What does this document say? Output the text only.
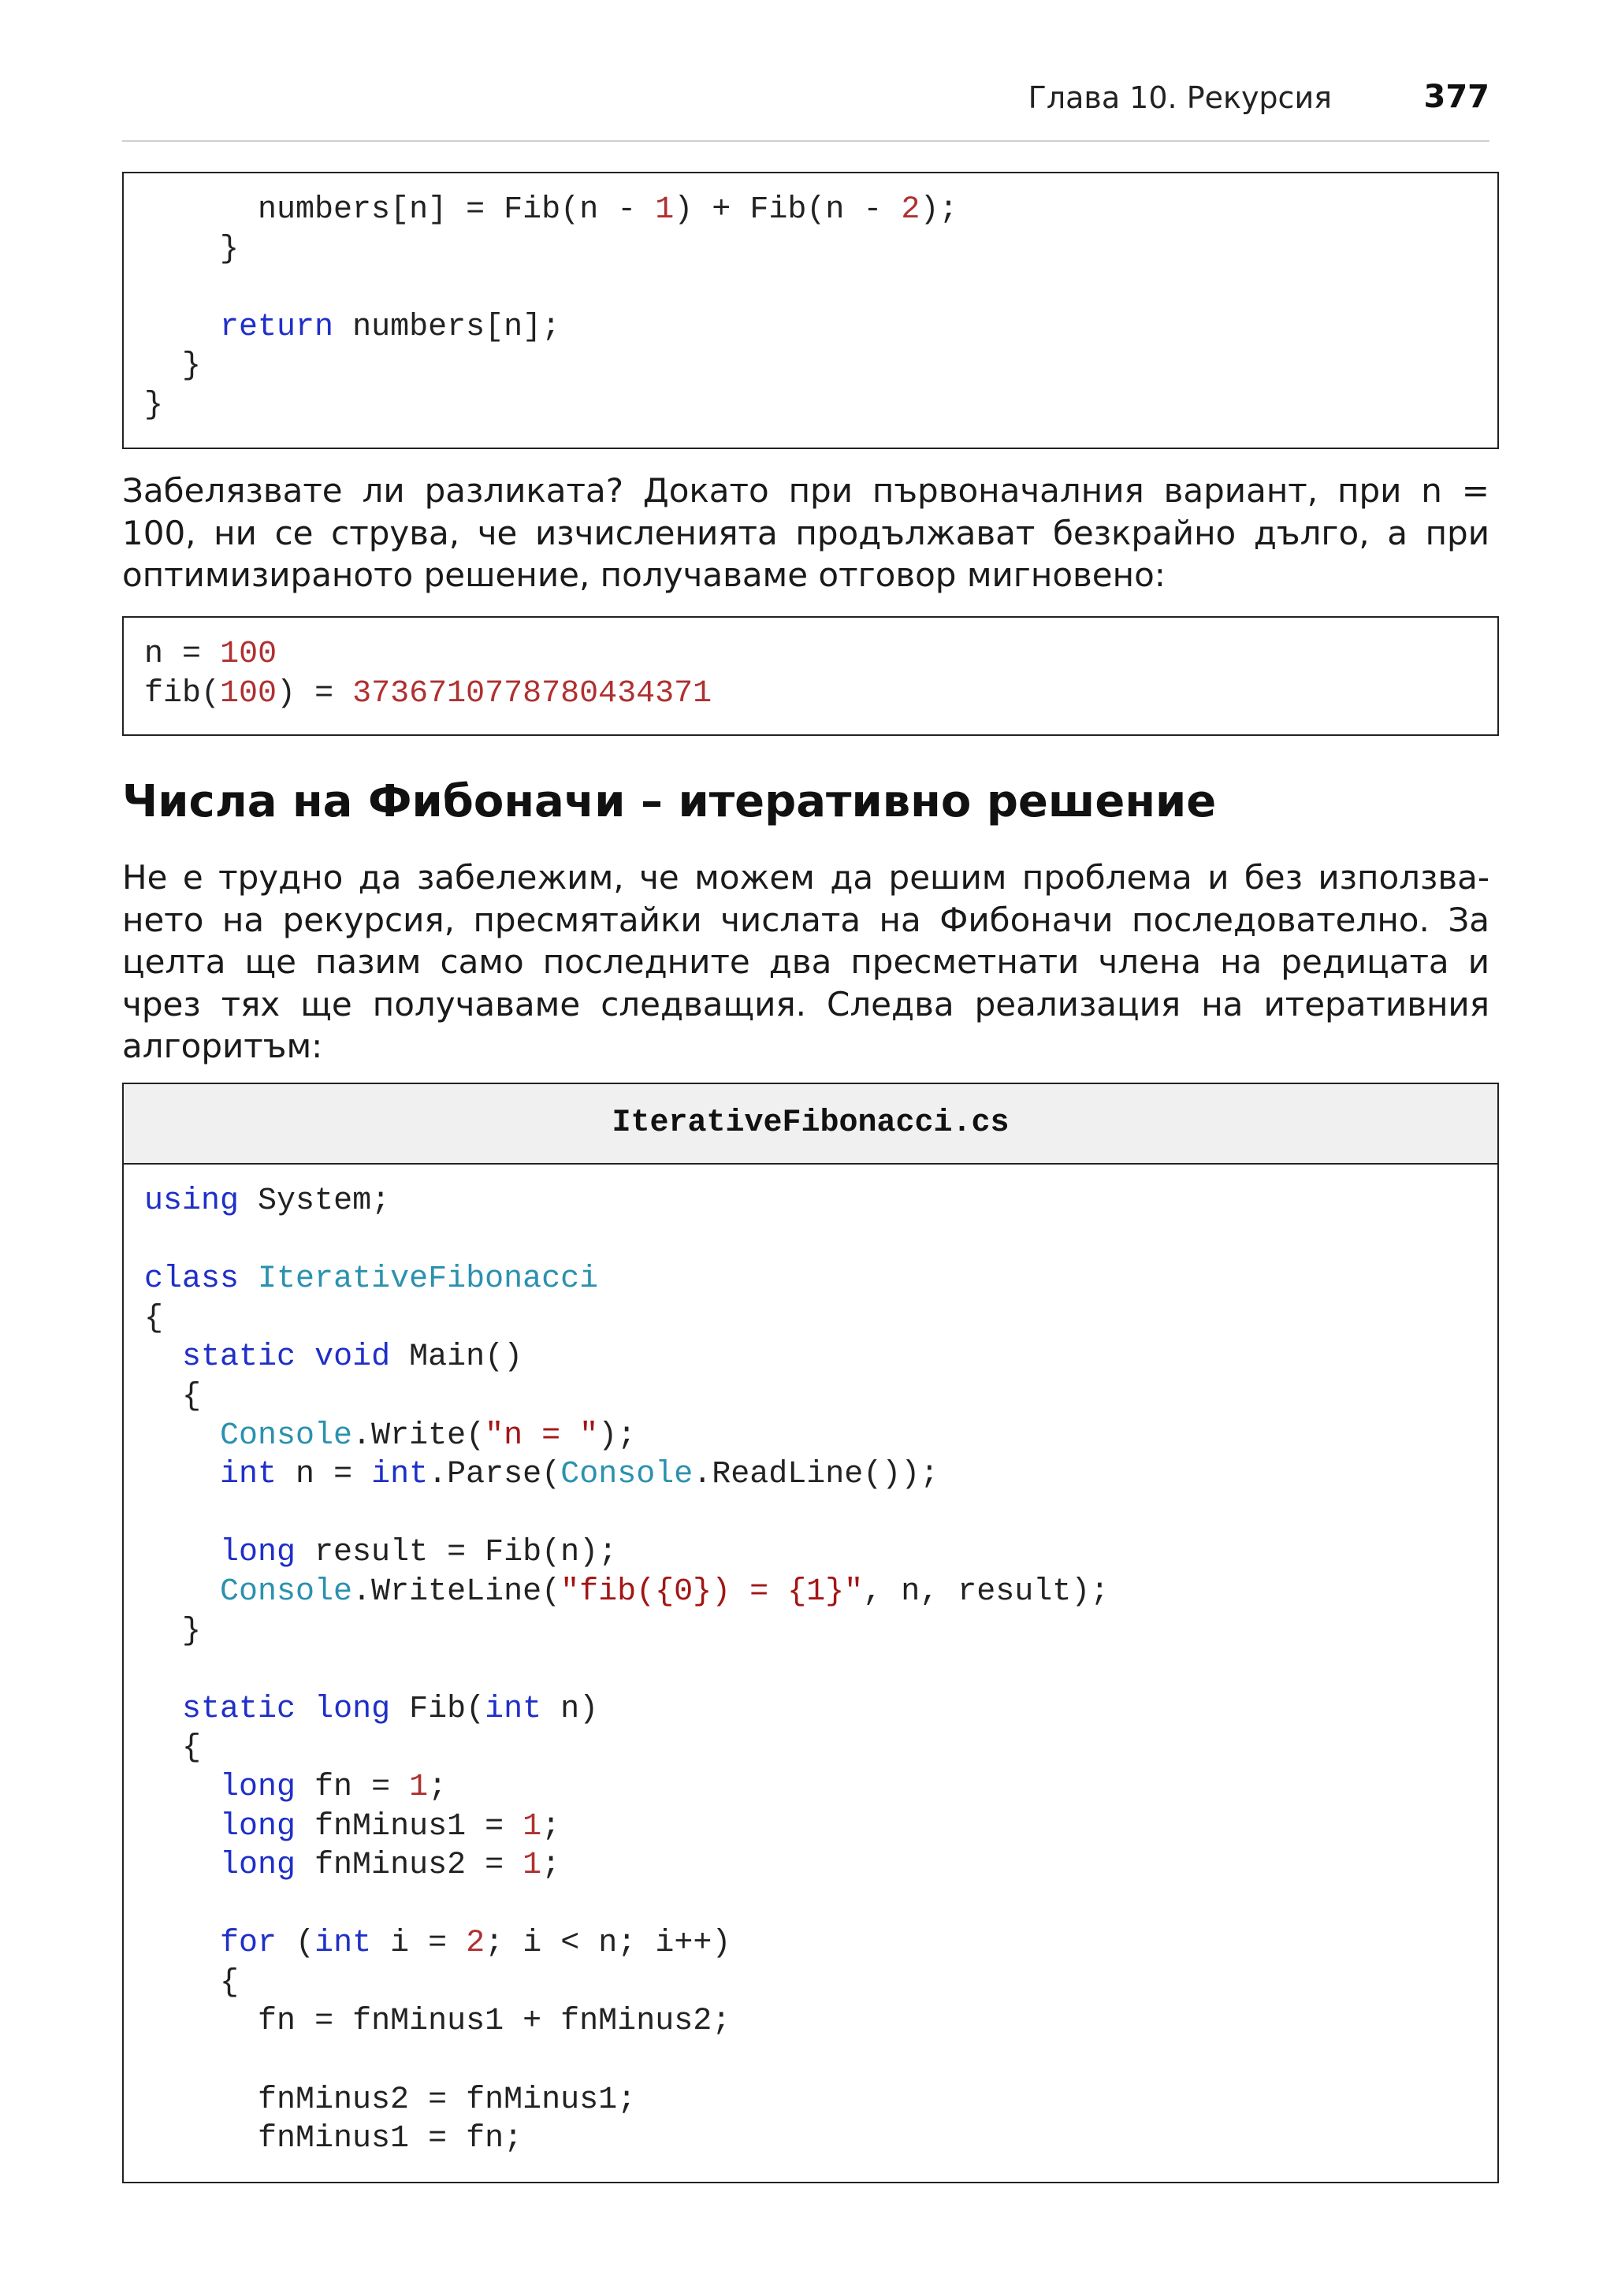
Глава 10. Рекурсия	377
numbers[n] = Fib(n - 1) + Fib(n - 2);
}

return numbers[n];
}
}
Забелязвате ли разликата? Докато при първоначалния вариант, при n =
100, ни се струва, че изчисленията продължават безкрайно дълго, а при
оптимизираното решение, получаваме отговор мигновено:
n = 100
fib(100) = 3736710778780434371
Числа на Фибоначи – итеративно решение
Не е трудно да забележим, че можем да решим проблема и без използва-
нето на рекурсия, пресмятайки числата на Фибоначи последователно. За
целта ще пазим само последните два пресметнати члена на редицата и
чрез тях ще получаваме следващия. Следва реализация на итеративния
алгоритъм:
IterativeFibonacci.cs
using System;

class IterativeFibonacci
{
static void Main()
{
Console.Write("n = ");
int n = int.Parse(Console.ReadLine());

long result = Fib(n);
Console.WriteLine("fib({0}) = {1}", n, result);
}

static long Fib(int n)
{
long fn = 1;
long fnMinus1 = 1;
long fnMinus2 = 1;

for (int i = 2; i < n; i++)
{
fn = fnMinus1 + fnMinus2;

fnMinus2 = fnMinus1;
fnMinus1 = fn;
